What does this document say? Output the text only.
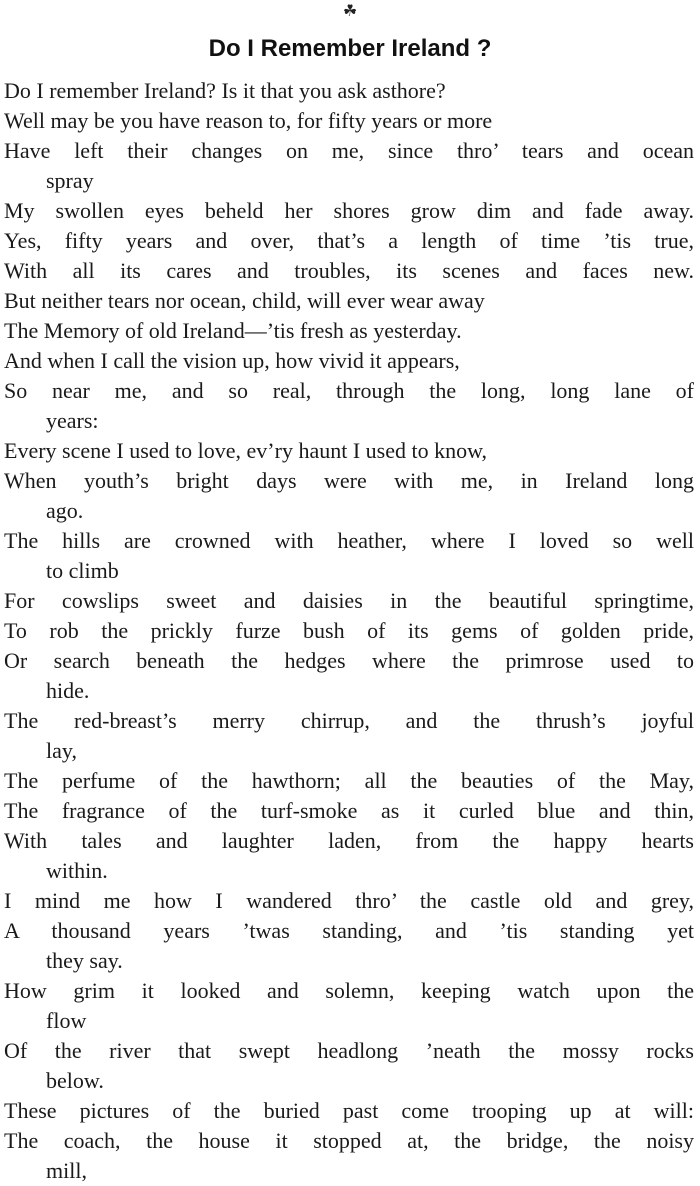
☘
Do I Remember Ireland ?
Do I remember Ireland? Is it that you ask asthore?
Well may be you have reason to, for fifty years or more
Have left their changes on me, since thro’ tears and ocean
spray
My swollen eyes beheld her shores grow dim and fade away.
Yes, fifty years and over, that’s a length of time ’tis true,
With all its cares and troubles, its scenes and faces new.
But neither tears nor ocean, child, will ever wear away
The Memory of old Ireland—’tis fresh as yesterday.
And when I call the vision up, how vivid it appears,
So near me, and so real, through the long, long lane of
years:
Every scene I used to love, ev’ry haunt I used to know,
When youth’s bright days were with me, in Ireland long
ago.
The hills are crowned with heather, where I loved so well
to climb
For cowslips sweet and daisies in the beautiful springtime,
To rob the prickly furze bush of its gems of golden pride,
Or search beneath the hedges where the primrose used to
hide.
The red-breast’s merry chirrup, and the thrush’s joyful
lay,
The perfume of the hawthorn; all the beauties of the May,
The fragrance of the turf-smoke as it curled blue and thin,
With tales and laughter laden, from the happy hearts
within.
I mind me how I wandered thro’ the castle old and grey,
A thousand years ’twas standing, and ’tis standing yet
they say.
How grim it looked and solemn, keeping watch upon the
flow
Of the river that swept headlong ’neath the mossy rocks
below.
These pictures of the buried past come trooping up at will:
The coach, the house it stopped at, the bridge, the noisy
mill,
